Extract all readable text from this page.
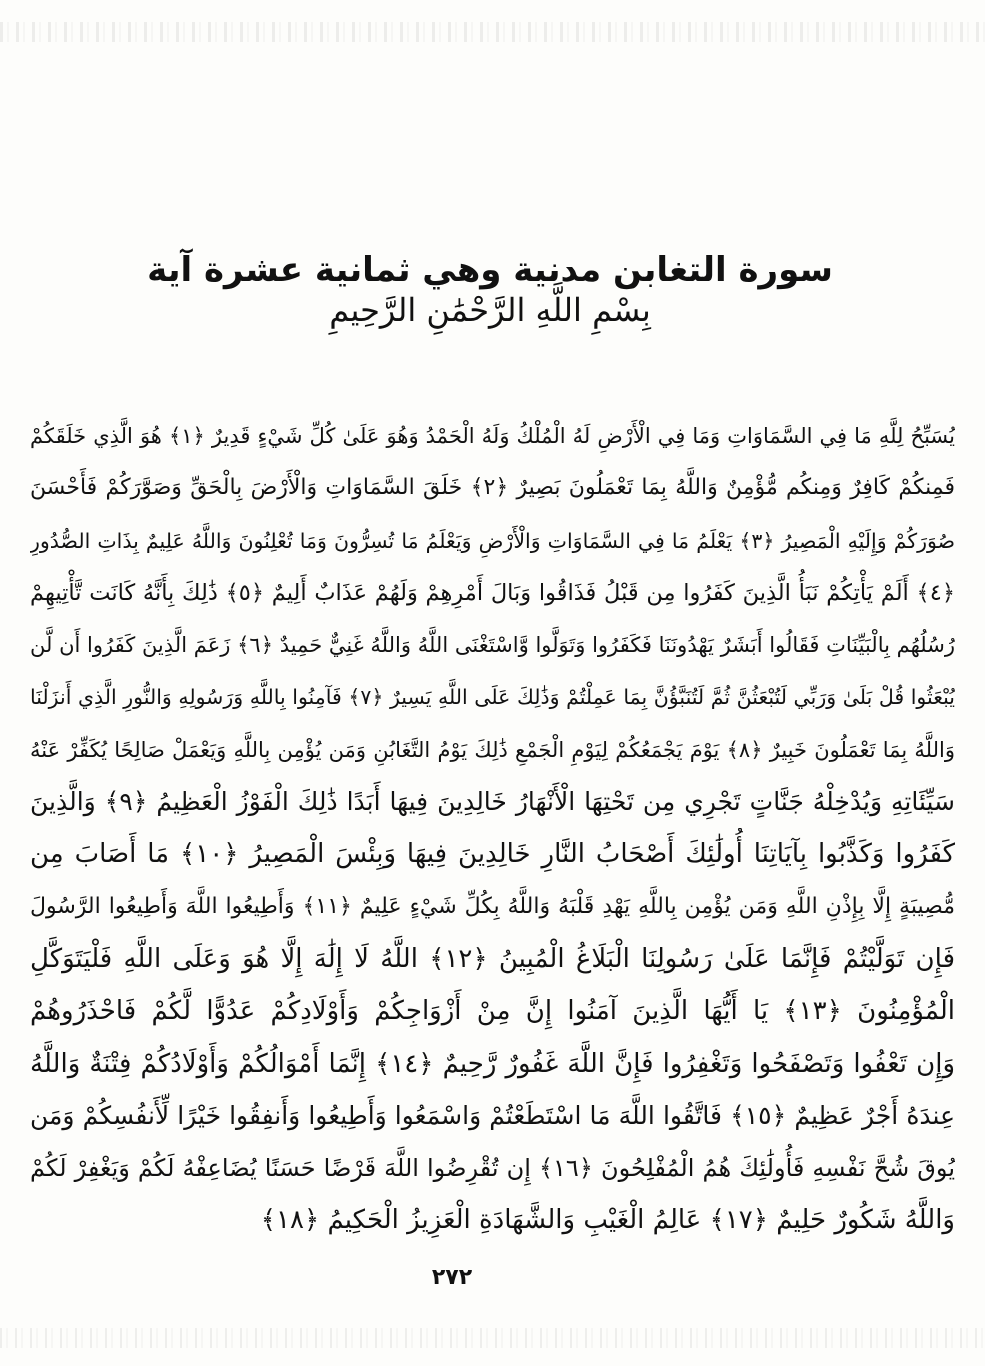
سورة التغابن مدنية وهي ثمانية عشرة آية
بِسْمِ اللَّهِ الرَّحْمَٰنِ الرَّحِيمِ
يُسَبِّحُ لِلَّهِ مَا فِي السَّمَاوَاتِ وَمَا فِي الْأَرْضِ لَهُ الْمُلْكُ وَلَهُ الْحَمْدُ وَهُوَ عَلَىٰ كُلِّ شَيْءٍ قَدِيرٌ ﴿١﴾ هُوَ الَّذِي خَلَقَكُمْ
فَمِنكُمْ كَافِرٌ وَمِنكُم مُّؤْمِنٌ وَاللَّهُ بِمَا تَعْمَلُونَ بَصِيرٌ ﴿٢﴾ خَلَقَ السَّمَاوَاتِ وَالْأَرْضَ بِالْحَقِّ وَصَوَّرَكُمْ فَأَحْسَنَ
صُوَرَكُمْ وَإِلَيْهِ الْمَصِيرُ ﴿٣﴾ يَعْلَمُ مَا فِي السَّمَاوَاتِ وَالْأَرْضِ وَيَعْلَمُ مَا تُسِرُّونَ وَمَا تُعْلِنُونَ وَاللَّهُ عَلِيمٌ بِذَاتِ الصُّدُورِ
﴿٤﴾ أَلَمْ يَأْتِكُمْ نَبَأُ الَّذِينَ كَفَرُوا مِن قَبْلُ فَذَاقُوا وَبَالَ أَمْرِهِمْ وَلَهُمْ عَذَابٌ أَلِيمٌ ﴿٥﴾ ذَٰلِكَ بِأَنَّهُ كَانَت تَّأْتِيهِمْ
رُسُلُهُم بِالْبَيِّنَاتِ فَقَالُوا أَبَشَرٌ يَهْدُونَنَا فَكَفَرُوا وَتَوَلَّوا وَّاسْتَغْنَى اللَّهُ وَاللَّهُ غَنِيٌّ حَمِيدٌ ﴿٦﴾ زَعَمَ الَّذِينَ كَفَرُوا أَن لَّن
يُبْعَثُوا قُلْ بَلَىٰ وَرَبِّي لَتُبْعَثُنَّ ثُمَّ لَتُنَبَّؤُنَّ بِمَا عَمِلْتُمْ وَذَٰلِكَ عَلَى اللَّهِ يَسِيرٌ ﴿٧﴾ فَآمِنُوا بِاللَّهِ وَرَسُولِهِ وَالنُّورِ الَّذِي أَنزَلْنَا
وَاللَّهُ بِمَا تَعْمَلُونَ خَبِيرٌ ﴿٨﴾ يَوْمَ يَجْمَعُكُمْ لِيَوْمِ الْجَمْعِ ذَٰلِكَ يَوْمُ التَّغَابُنِ وَمَن يُؤْمِن بِاللَّهِ وَيَعْمَلْ صَالِحًا يُكَفِّرْ عَنْهُ
سَيِّئَاتِهِ وَيُدْخِلْهُ جَنَّاتٍ تَجْرِي مِن تَحْتِهَا الْأَنْهَارُ خَالِدِينَ فِيهَا أَبَدًا ذَٰلِكَ الْفَوْزُ الْعَظِيمُ ﴿٩﴾ وَالَّذِينَ
كَفَرُوا وَكَذَّبُوا بِآيَاتِنَا أُولَٰئِكَ أَصْحَابُ النَّارِ خَالِدِينَ فِيهَا وَبِئْسَ الْمَصِيرُ ﴿١٠﴾ مَا أَصَابَ مِن
مُّصِيبَةٍ إِلَّا بِإِذْنِ اللَّهِ وَمَن يُؤْمِن بِاللَّهِ يَهْدِ قَلْبَهُ وَاللَّهُ بِكُلِّ شَيْءٍ عَلِيمٌ ﴿١١﴾ وَأَطِيعُوا اللَّهَ وَأَطِيعُوا الرَّسُولَ
فَإِن تَوَلَّيْتُمْ فَإِنَّمَا عَلَىٰ رَسُولِنَا الْبَلَاغُ الْمُبِينُ ﴿١٢﴾ اللَّهُ لَا إِلَٰهَ إِلَّا هُوَ وَعَلَى اللَّهِ فَلْيَتَوَكَّلِ
الْمُؤْمِنُونَ ﴿١٣﴾ يَا أَيُّهَا الَّذِينَ آمَنُوا إِنَّ مِنْ أَزْوَاجِكُمْ وَأَوْلَادِكُمْ عَدُوًّا لَّكُمْ فَاحْذَرُوهُمْ
وَإِن تَعْفُوا وَتَصْفَحُوا وَتَغْفِرُوا فَإِنَّ اللَّهَ غَفُورٌ رَّحِيمٌ ﴿١٤﴾ إِنَّمَا أَمْوَالُكُمْ وَأَوْلَادُكُمْ فِتْنَةٌ وَاللَّهُ
عِندَهُ أَجْرٌ عَظِيمٌ ﴿١٥﴾ فَاتَّقُوا اللَّهَ مَا اسْتَطَعْتُمْ وَاسْمَعُوا وَأَطِيعُوا وَأَنفِقُوا خَيْرًا لِّأَنفُسِكُمْ وَمَن
يُوقَ شُحَّ نَفْسِهِ فَأُولَٰئِكَ هُمُ الْمُفْلِحُونَ ﴿١٦﴾ إِن تُقْرِضُوا اللَّهَ قَرْضًا حَسَنًا يُضَاعِفْهُ لَكُمْ وَيَغْفِرْ لَكُمْ
وَاللَّهُ شَكُورٌ حَلِيمٌ ﴿١٧﴾ عَالِمُ الْغَيْبِ وَالشَّهَادَةِ الْعَزِيزُ الْحَكِيمُ ﴿١٨﴾
٢٧٢
